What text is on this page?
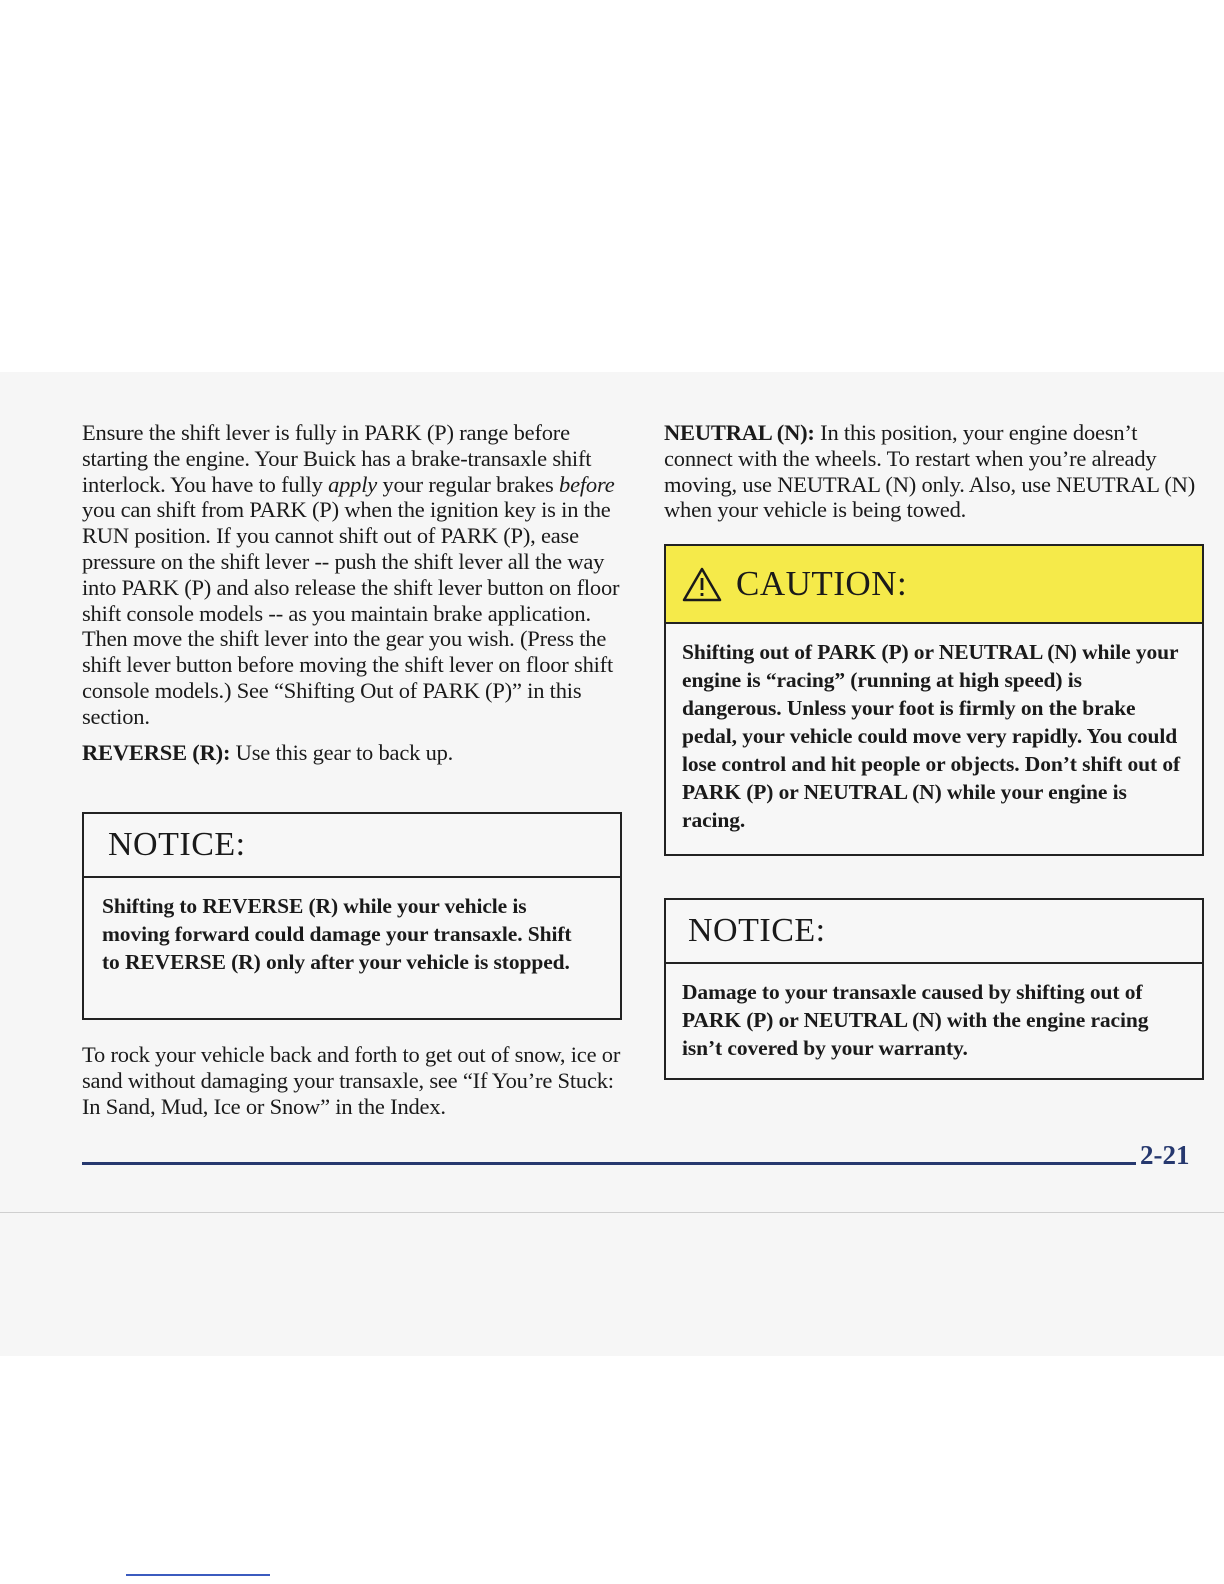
Ensure the shift lever is fully in PARK (P) range before starting the engine. Your Buick has a brake-transaxle shift interlock. You have to fully apply your regular brakes before you can shift from PARK (P) when the ignition key is in the RUN position. If you cannot shift out of PARK (P), ease pressure on the shift lever -- push the shift lever all the way into PARK (P) and also release the shift lever button on floor shift console models -- as you maintain brake application. Then move the shift lever into the gear you wish. (Press the shift lever button before moving the shift lever on floor shift console models.) See “Shifting Out of PARK (P)” in this section.

REVERSE (R): Use this gear to back up.

NOTICE:
Shifting to REVERSE (R) while your vehicle is moving forward could damage your transaxle. Shift to REVERSE (R) only after your vehicle is stopped.

To rock your vehicle back and forth to get out of snow, ice or sand without damaging your transaxle, see “If You’re Stuck: In Sand, Mud, Ice or Snow” in the Index.

NEUTRAL (N): In this position, your engine doesn’t connect with the wheels. To restart when you’re already moving, use NEUTRAL (N) only. Also, use NEUTRAL (N) when your vehicle is being towed.

CAUTION:
Shifting out of PARK (P) or NEUTRAL (N) while your engine is “racing” (running at high speed) is dangerous. Unless your foot is firmly on the brake pedal, your vehicle could move very rapidly. You could lose control and hit people or objects. Don’t shift out of PARK (P) or NEUTRAL (N) while your engine is racing.
NOTICE:
Damage to your transaxle caused by shifting out of PARK (P) or NEUTRAL (N) with the engine racing isn’t covered by your warranty.
2-21
